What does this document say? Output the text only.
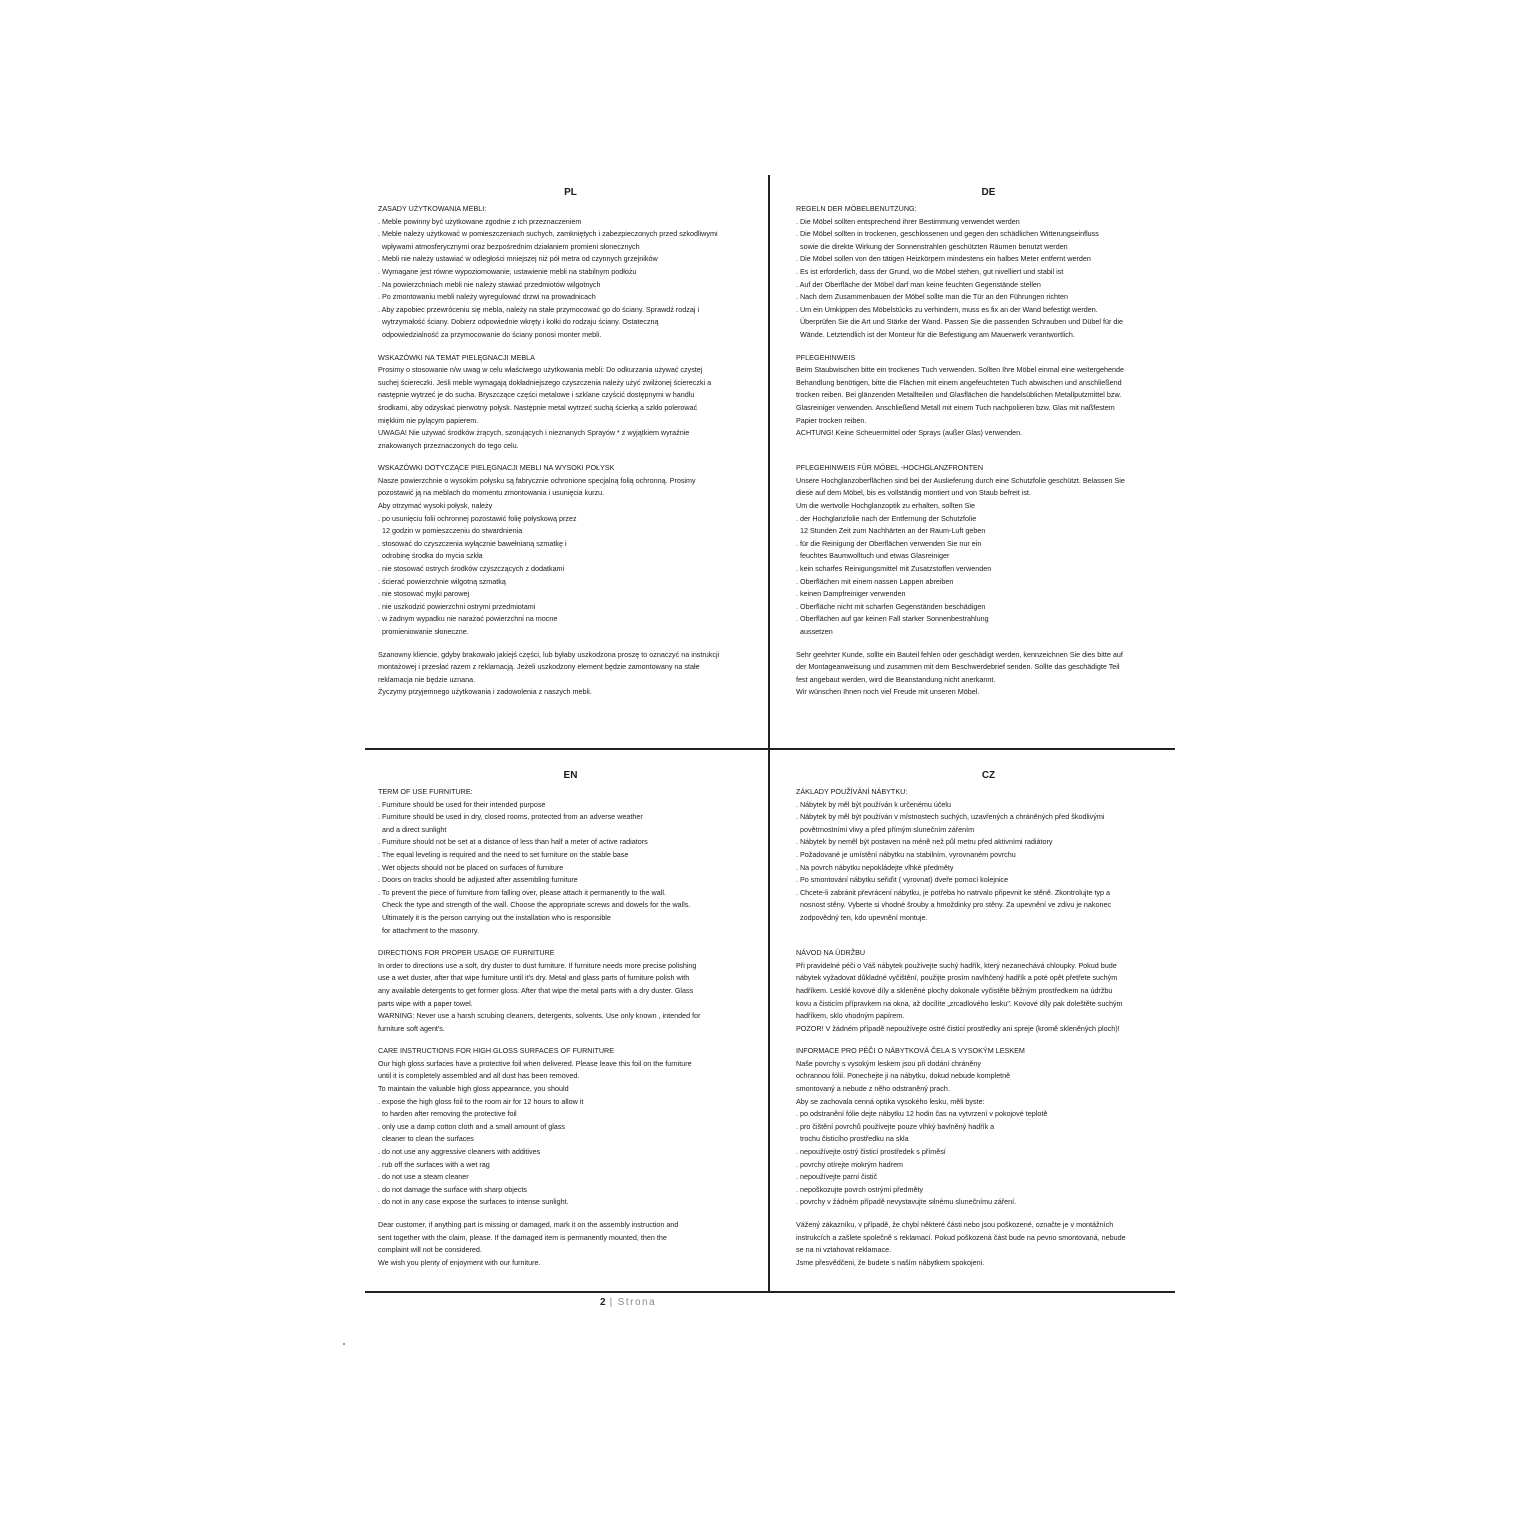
PL
ZASADY UŻYTKOWANIA MEBLI:
. Meble powinny być użytkowane zgodnie z ich przeznaczeniem
. Meble należy użytkować w pomieszczeniach suchych, zamkniętych i zabezpieczonych przed szkodliwymi
wpływami atmosferycznymi oraz bezpośrednim działaniem promieni słonecznych
. Mebli nie należy ustawiać w odległości mniejszej niż pół metra od czynnych grzejników
. Wymagane jest równe wypoziomowanie, ustawienie mebli na stabilnym podłożu
. Na powierzchniach mebli nie należy stawiać przedmiotów wilgotnych
. Po zmontowaniu mebli należy wyregulować drzwi na prowadnicach
. Aby zapobiec przewróceniu się mebla, należy na stałe przymocować go do ściany. Sprawdź rodzaj i
wytrzymałość ściany. Dobierz odpowiednie wkręty i kołki do rodzaju ściany. Ostateczną
odpowiedzialność za przymocowanie do ściany ponosi monter mebli.
WSKAZÓWKI NA TEMAT PIELĘGNACJI MEBLA
Prosimy o stosowanie n/w uwag w celu właściwego użytkowania mebli: Do odkurzania używać czystej
suchej ściereczki. Jeśli meble wymagają dokładniejszego czyszczenia należy użyć zwilżonej ściereczki a
następnie wytrzeć je do sucha. Bryszczące części metalowe i szklane czyścić dostępnymi w handlu
środkami, aby odzyskać pierwotny połysk. Następnie metal wytrzeć suchą ścierką a szkło polerować
miękkim nie pylącym papierem.
UWAGA! Nie używać środków żrących, szorujących i nieznanych Sprayów * z wyjątkiem wyraźnie
znakowanych przeznaczonych do tego celu.
WSKAZÓWKI DOTYCZĄCE PIELĘGNACJI MEBLI NA WYSOKI POŁYSK
Nasze powierzchnie o wysokim połysku są fabrycznie ochronione specjalną folią ochronną. Prosimy
pozostawić ją na meblach do momentu zmontowania i usunięcia kurzu.
Aby otrzymać wysoki połysk, należy
. po usunięciu folii ochronnej pozostawić folię połyskową przez
12 godzin w pomieszczeniu do stwardnienia
. stosować do czyszczenia wyłącznie bawełnianą szmatkę i
odrobinę środka do mycia szkła
. nie stosować ostrych środków czyszczących z dodatkami
. ścierać powierzchnie wilgotną szmatką
. nie stosować myjki parowej
. nie uszkodzić powierzchni ostrymi przedmiotami
. w żadnym wypadku nie narażać powierzchni na mocne
promieniowanie słoneczne.
Szanowny kliencie, gdyby brakowało jakiejś części, lub byłaby uszkodzona proszę to oznaczyć na instrukcji
montażowej i przesłać razem z reklamacją. Jeżeli uszkodzony element będzie zamontowany na stałe
reklamacja nie będzie uznana.
Życzymy przyjemnego użytkowania i zadowolenia z naszych mebli.
DE
REGELN DER MÖBELBENUTZUNG:
. Die Möbel sollten entsprechend ihrer Bestimmung verwendet werden
. Die Möbel sollten in trockenen, geschlossenen und gegen den schädlichen Witterungseinfluss
sowie die direkte Wirkung der Sonnenstrahlen geschützten Räumen benutzt werden
. Die Möbel sollen von den tätigen Heizkörpern mindestens ein halbes Meter entfernt werden
. Es ist erforderlich, dass der Grund, wo die Möbel stehen, gut nivelliert und stabil ist
. Auf der Oberfläche der Möbel darf man keine feuchten Gegenstände stellen
. Nach dem Zusammenbauen der Möbel sollte man die Tür an den Führungen richten
. Um ein Umkippen des Möbelstücks zu verhindern, muss es fix an der Wand befestigt werden.
Überprüfen Sie die Art und Stärke der Wand. Passen Sie die passenden Schrauben und Dübel für die
Wände. Letztendlich ist der Monteur für die Befestigung am Mauerwerk verantwortlich.
PFLEGEHINWEIS
Beim Staubwischen bitte ein trockenes Tuch verwenden. Sollten Ihre Möbel einmal eine weitergehende
Behandlung benötigen, bitte die Flächen mit einem angefeuchteten Tuch abwischen und anschließend
trocken reiben. Bei glänzenden Metallteilen und Glasflächen die handelsüblichen Metallputzmittel bzw.
Glasreiniger verwenden. Anschließend Metall mit einem Tuch nachpolieren bzw. Glas mit naßfestem
Papier trocken reiben.
ACHTUNG! Keine Scheuermittel oder Sprays (außer Glas) verwenden.
PFLEGEHINWEIS FÜR MÖBEL -HOCHGLANZFRONTEN
Unsere Hochglanzoberflächen sind bei der Auslieferung durch eine Schutzfolie geschützt. Belassen Sie
diese auf dem Möbel, bis es vollständig montiert und von Staub befreit ist.
Um die wertvolle Hochglanzoptik zu erhalten, sollten Sie
. der Hochglanzfolie nach der Entfernung der Schutzfolie
12 Stunden Zeit zum Nachhärten an der Raum-Luft geben
. für die Reinigung der Oberflächen verwenden Sie nur ein
feuchtes Baumwolltuch und etwas Glasreiniger
. kein scharfes Reinigungsmittel mit Zusatzstoffen verwenden
. Oberflächen mit einem nassen Lappen abreiben
. keinen Dampfreiniger verwenden
. Oberfläche nicht mit scharfen Gegenständen beschädigen
. Oberflächen auf gar keinen Fall starker Sonnenbestrahlung
aussetzen
Sehr geehrter Kunde, sollte ein Bauteil fehlen oder geschädigt werden, kennzeichnen Sie dies bitte auf
der Montageanweisung und zusammen mit dem Beschwerdebrief senden. Sollte das geschädigte Teil
fest angebaut werden, wird die Beanstandung nicht anerkannt.
Wir wünschen Ihnen noch viel Freude mit unseren Möbel.
EN
TERM OF USE FURNITURE:
. Furniture should be used for their intended purpose
. Furniture should be used in dry, closed rooms, protected from an adverse weather
and a direct sunlight
. Furniture should not be set at a distance of less than half a meter of active radiators
. The equal leveling is required and the need to set furniture on the stable base
. Wet objects should not be placed on surfaces of furniture
. Doors on tracks should be adjusted after assembling furniture
. To prevent the piece of furniture from falling over, please attach it permanently to the wall.
Check the type and strength of the wall. Choose the appropriate screws and dowels for the walls.
Ultimately it is the person carrying out the installation who is responsible
for attachment to the masonry.
DIRECTIONS FOR PROPER USAGE OF FURNITURE
In order to directions use a soft, dry duster to dust furniture. If furniture needs more precise polishing
use a wet duster, after that wipe furniture until it's dry. Metal and glass parts of furniture polish with
any available detergents to get former gloss. After that wipe the metal parts with a dry duster. Glass
parts wipe with a paper towel.
WARNING: Never use a harsh scrubing cleaners, detergents, solvents. Use only known , intended for
furniture soft agent's.
CARE INSTRUCTIONS FOR HIGH GLOSS SURFACES OF FURNITURE
Our high gloss surfaces have a protective foil when delivered. Please leave this foil on the furniture
until it is completely assembled and all dust has been removed.
To maintain the valuable high gloss appearance, you should
. expose the high gloss foil to the room air for 12 hours to allow it
to harden after removing the protective foil
. only use a damp cotton cloth and a small amount of glass
cleaner to clean the surfaces
. do not use any aggressive cleaners with additives
. rub off the surfaces with a wet rag
. do not use a steam cleaner
. do not damage the surface with sharp objects
. do not in any case expose the surfaces to intense sunlight.
Dear customer, if anything part is missing or damaged, mark it on the assembly instruction and
sent together with the claim, please. If the damaged item is permanently mounted, then the
complaint will not be considered.
We wish you plenty of enjoyment with our furniture.
CZ
ZÁKLADY POUŽÍVÁNÍ NÁBYTKU:
. Nábytek by měl být používán k určenému účelu
. Nábytek by měl být používán v místnostech suchých, uzavřených a chráněných před škodlivými
povětrnostními vlivy a před přímým slunečním zářením
. Nábytek by neměl být postaven na méně než půl metru před aktivními radiátory
. Požadované je umístění nábytku na stabilním, vyrovnaném povrchu
. Na povrch nábytku nepokládejte vlhké předměty
. Po smontování nábytku seřiďit ( vyrovnat) dveře pomocí kolejnice
. Chcete-li zabránit převrácení nábytku, je potřeba ho natrvalo připevnit ke stěně. Zkontrolujte typ a
nosnost stěny. Vyberte si vhodné šrouby a hmoždinky pro stěny. Za upevnění ve zdivu je nakonec
zodpovědný ten, kdo upevnění montuje.
NÁVOD NA ÚDRŽBU
Při pravidelné péči o Váš nábytek používejte suchý hadřík, který nezanechává chloupky. Pokud bude
nábytek vyžadovat důkladné vyčištění, použijte prosím navlhčený hadřík a poté opět přetřete suchým
hadříkem. Lesklé kovové díly a skleněné plochy dokonale vyčistěte běžným prostředkem na údržbu
kovu a čisticím přípravkem na okna, až docílíte „zrcadlového lesku". Kovové díly pak doleštěte suchým
hadříkem, sklo vhodným papírem.
POZOR! V žádném případě nepoužívejte ostré čisticí prostředky ani spreje (kromě skleněných ploch)!
INFORMACE PRO PÉČI O NÁBYTKOVÁ ČELA S VYSOKÝM LESKEM
Naše povrchy s vysokým leskem jsou při dodání chráněny
ochrannou fólií. Ponechejte ji na nábytku, dokud nebude kompletně
smontovaný a nebude z něho odstraněný prach.
Aby se zachovala cenná optika vysokého lesku, měli byste:
. po odstranění fólie dejte nábytku 12 hodin čas na vytvrzení v pokojové teplotě
. pro čištění povrchů používejte pouze vlhký bavlněný hadřík a
trochu čisticího prostředku na skla
. nepoužívejte ostrý čisticí prostředek s příměsí
. povrchy otírejte mokrým hadrem
. nepoužívejte parní čistič
. nepoškozujte povrch ostrými předměty
. povrchy v žádném případě nevystavujte silnému slunečnímu záření.
Vážený zákazníku, v případě, že chybí některé části nebo jsou poškozené, označte je v montážních
instrukcích a zašlete společně s reklamací. Pokud poškozená část bude na pevno smontovaná, nebude
se na ni vztahovat reklamace.
Jsme přesvědčeni, že budete s naším nábytkem spokojeni.
2 | Strona
